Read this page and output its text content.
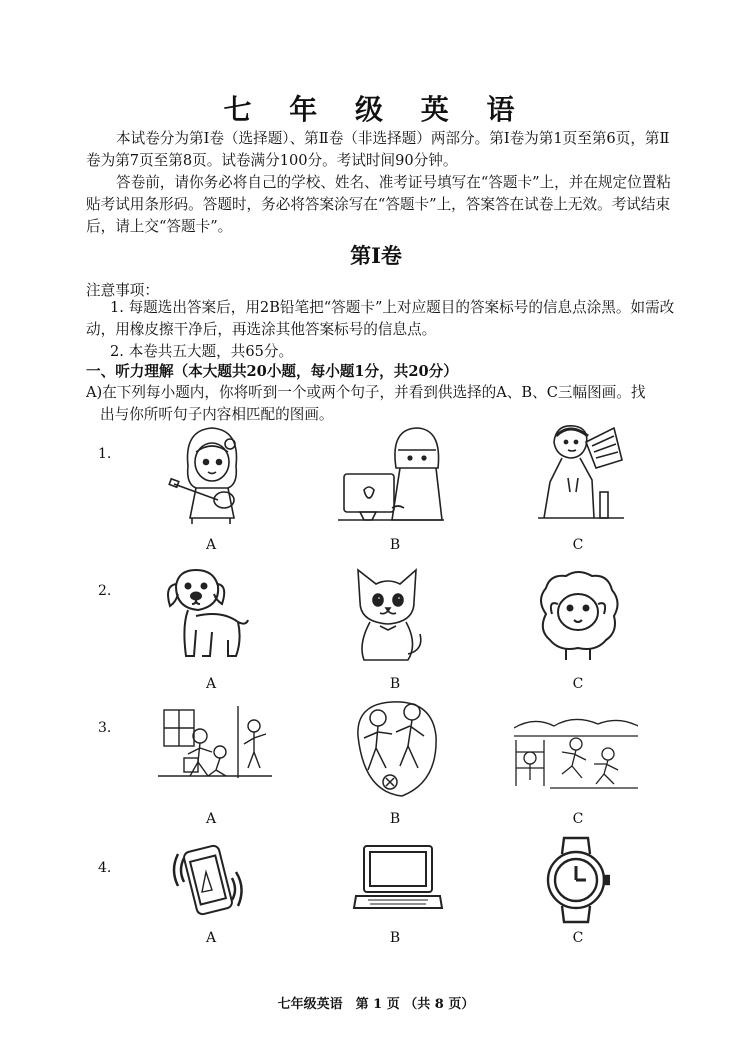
七 年 级 英 语
本试卷分为第Ⅰ卷（选择题）、第Ⅱ卷（非选择题）两部分。第Ⅰ卷为第1页至第6页，第Ⅱ卷为第7页至第8页。试卷满分100分。考试时间90分钟。
答卷前，请你务必将自己的学校、姓名、准考证号填写在“答题卡”上，并在规定位置粘贴考试用条形码。答题时，务必将答案涂写在“答题卡”上，答案答在试卷上无效。考试结束后，请上交“答题卡”。
第Ⅰ卷
注意事项：
1. 每题选出答案后，用2B铅笔把“答题卡”上对应题目的答案标号的信息点涂黑。如需改动，用橡皮擦干净后，再选涂其他答案标号的信息点。
2. 本卷共五大题，共65分。
一、听力理解（本大题共20小题，每小题1分，共20分）
A)在下列每小题内，你将听到一个或两个句子，并看到供选择的A、B、C三幅图画。找
出与你所听句子内容相匹配的图画。
1.
A	B	C
2.
A	B	C
3.
A	B	C
4.
A	B	C
七年级英语　第 1 页 （共 8 页）
